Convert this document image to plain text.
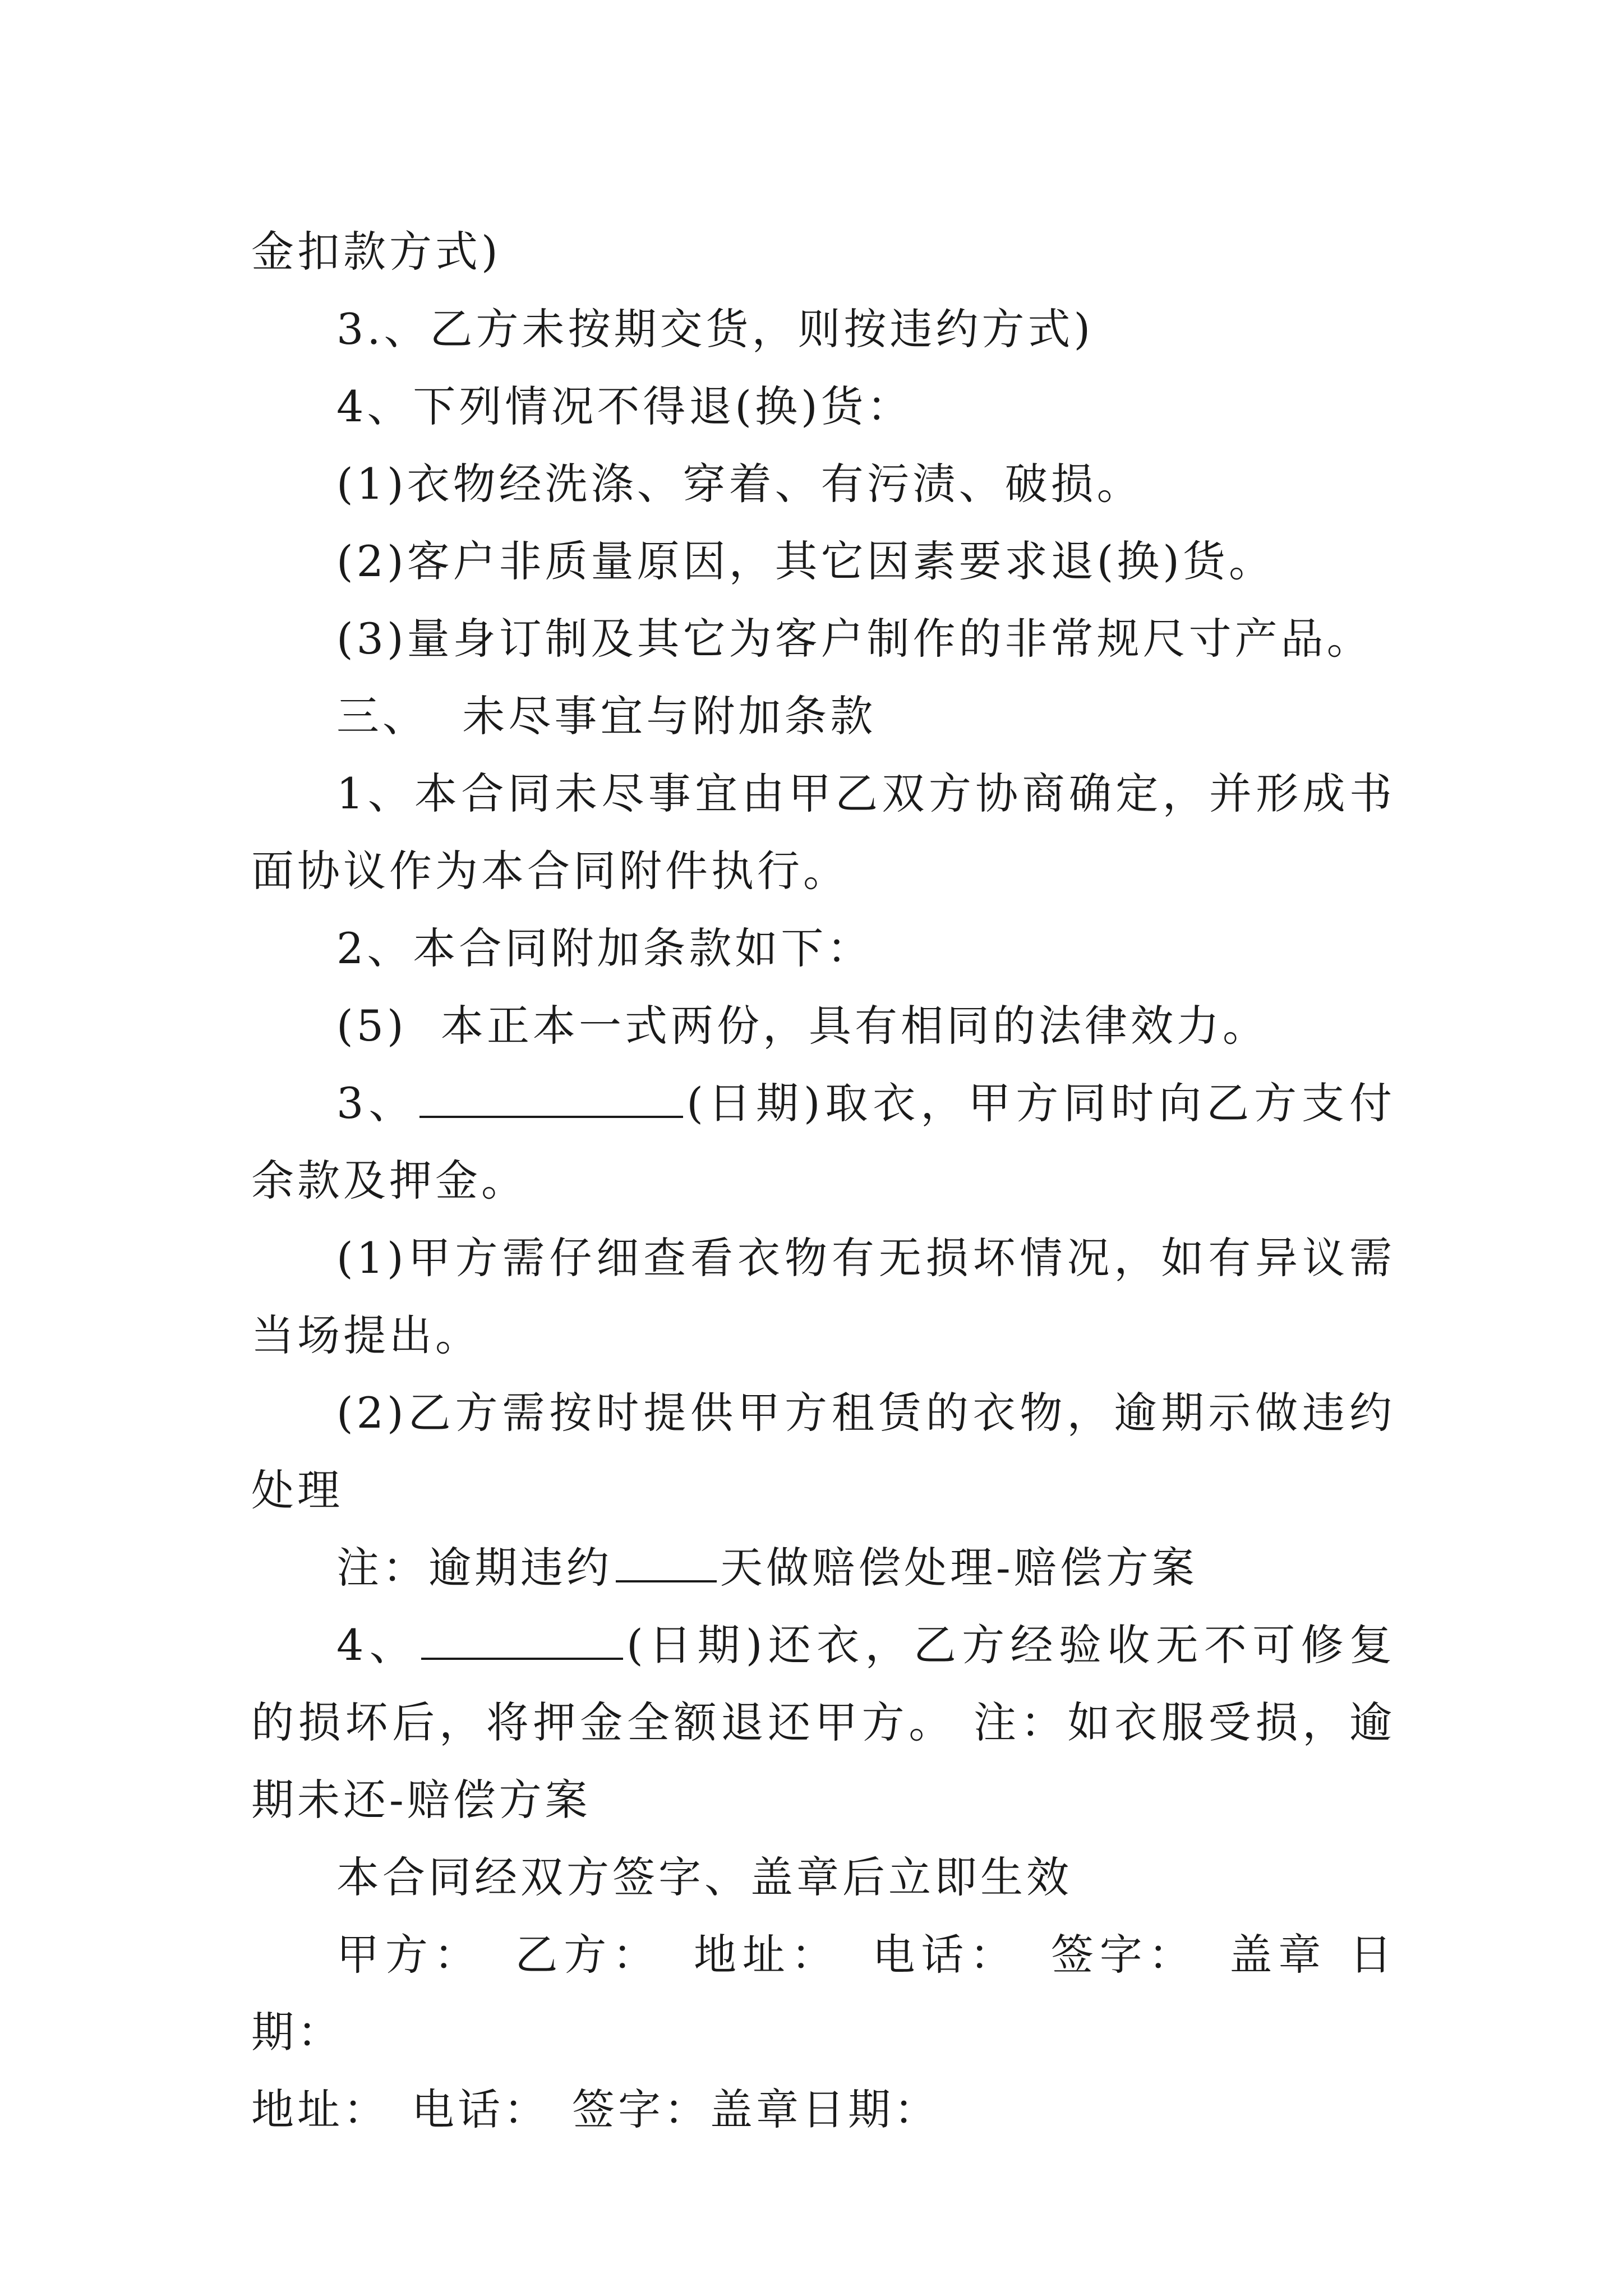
金扣款方式)

3.、乙方未按期交货，则按违约方式)

4、下列情况不得退(换)货：

(1)衣物经洗涤、穿着、有污渍、破损。

(2)客户非质量原因，其它因素要求退(换)货。

(3)量身订制及其它为客户制作的非常规尺寸产品。

三、  未尽事宜与附加条款

1、本合同未尽事宜由甲乙双方协商确定，并形成书面协议作为本合同附件执行。

2、本合同附加条款如下：

(5)  本正本一式两份，具有相同的法律效力。

3、	(日期)取衣，甲方同时向乙方支付余款及押金。

(1)甲方需仔细查看衣物有无损坏情况，如有异议需当场提出。

(2)乙方需按时提供甲方租赁的衣物，逾期示做违约处理

注：逾期违约	天做赔偿处理-赔偿方案

4、	(日期)还衣，乙方经验收无不可修复的损坏后，将押金全额退还甲方。 注：如衣服受损，逾期未还-赔偿方案

本合同经双方签字、盖章后立即生效

甲方： 乙方： 地址： 电话： 签字： 盖章 日期：

地址： 电话： 签字：盖章日期：
